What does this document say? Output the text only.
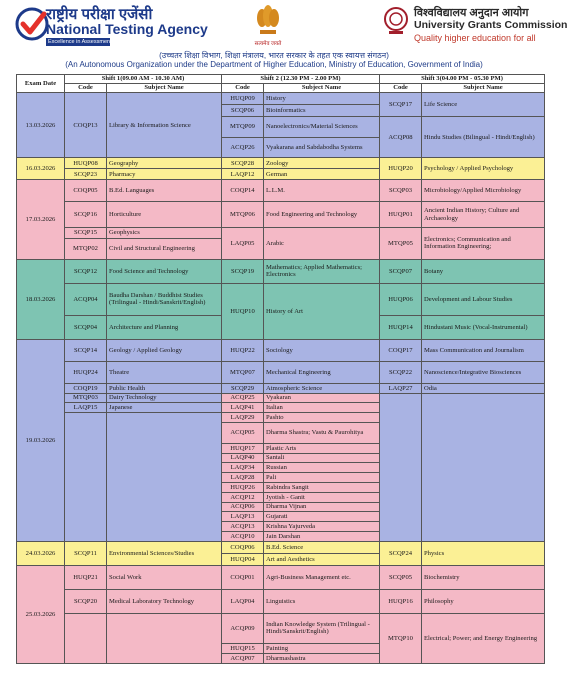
राष्ट्रीय परीक्षा एजेंसी
National Testing Agency
Excellence in Assessment	सत्यमेव जयते
विश्वविद्यालय अनुदान आयोग
University Grants Commission
Quality higher education for all
(उच्चतर शिक्षा विभाग, शिक्षा मंत्रालय, भारत सरकार के तहत एक स्वायत्त संगठन)
(An Autonomous Organization under the Department of Higher Education, Ministry of Education, Government of India)
Exam Date	Shift 1(09.00 AM - 10.30 AM)		Shift 2 (12.30 PM - 2.00 PM)		Shift 3(04.00 PM - 05.30 PM)	
	Code	Subject Name	Code	Subject Name	Code	Subject Name
13.03.2026	COQP13	Library & Information Science	HUQP09	History	SCQP17	Life Science
			SCQP06	Bioinformatics		
			MTQP09	Nanoelectronics/Material Sciences	ACQP08	Hindu Studies (Bilingual - Hindi/English)
			ACQP26	Vyakarana and Sabdabodha Systems		
16.03.2026	HUQP08	Geography	SCQP28	Zoology	HUQP20	Psychology / Applied Psychology
	SCQP23	Pharmacy	LAQP12	German		
17.03.2026	COQP05	B.Ed. Languages	COQP14	L.L.M.	SCQP03	Microbiology/Applied Microbiology
	SCQP16	Horticulture	MTQP06	Food Engineering and Technology	HUQP01	Ancient Indian History; Culture and Archaeology
	SCQP15	Geophysics	LAQP05	Arabic	MTQP05	Electronics; Communication and Information Engineering;
	MTQP02	Civil and Structural Engineering				
18.03.2026	SCQP12	Food Science and Technology	SCQP19	Mathematics; Applied Mathematics; Electronics	SCQP07	Botany
	ACQP04	Baudha Darshan / Buddhist Studies (Trilingual - Hindi/Sanskrit/English)	HUQP10	History of Art	HUQP06	Development and Labour Studies
	SCQP04	Architecture and Planning			HUQP14	Hindustani Music (Vocal-Instrumental)
19.03.2026	SCQP14	Geology / Applied Geology	HUQP22	Sociology	COQP17	Mass Communication and Journalism
	HUQP24	Theatre	MTQP07	Mechanical Engineering	SCQP22	Nanoscience/Integrative Biosciences
	COQP19	Public Health	SCQP29	Atmospheric Science	LAQP27	Odia
	MTQP03	Dairy Technology	ACQP25	Vyakaran		
	LAQP15	Japanese	LAQP41	Italian		
			LAQP29	Pashto		
			ACQP05	Dharma Shastra; Vastu & Paurohitya		
			HUQP17	Plastic Arts		
			LAQP40	Santali		
			LAQP34	Russian		
			LAQP28	Pali		
			HUQP26	Rabindra Sangit		
			ACQP12	Jyotish - Ganit		
			ACQP06	Dharma Vijnan		
			LAQP13	Gujarati		
			ACQP13	Krishna Yajurveda		
			ACQP10	Jain Darshan		
24.03.2026	SCQP11	Environmental Sciences/Studies	COQP06	B.Ed. Science	SCQP24	Physics
			HUQP04	Art and Aesthetics		
25.03.2026	HUQP21	Social Work	COQP01	Agri-Business Management etc.	SCQP05	Biochemistry
	SCQP20	Medical Laboratory Technology	LAQP04	Linguistics	HUQP16	Philosophy
			ACQP09	Indian Knowledge System (Trilingual - Hindi/Sanskrit/English)	MTQP10	Electrical; Power; and Energy Engineering
			HUQP15	Painting		
			ACQP07	Dharmashastra		
